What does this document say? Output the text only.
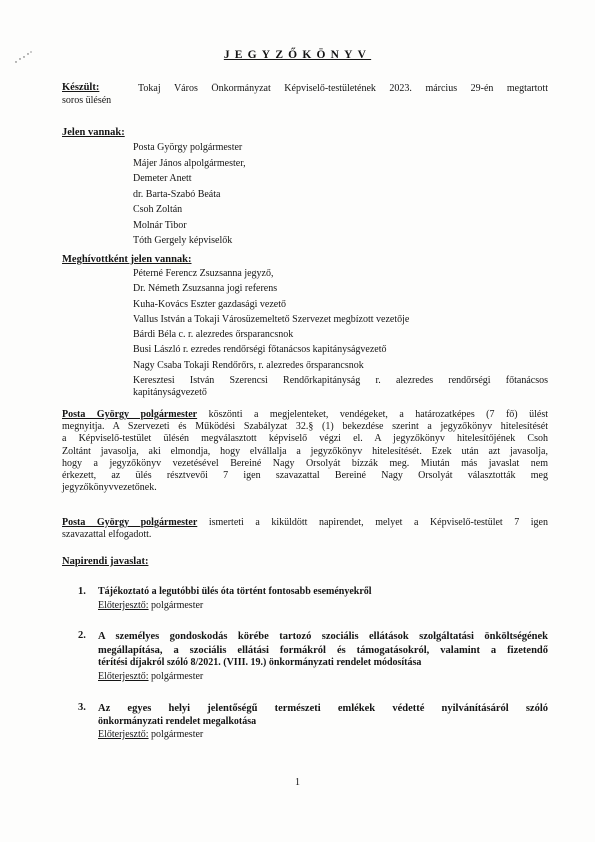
JEGYZŐKÖNYV
Készült:	Tokaj Város Önkormányzat Képviselő-testületének 2023. március 29-én megtartott
soros ülésén
Jelen vannak:
Posta György polgármester
Májer János alpolgármester,
Demeter Anett
dr. Barta-Szabó Beáta
Csoh Zoltán
Molnár Tibor
Tóth Gergely képviselők
Meghívottként jelen vannak:
Péterné Ferencz Zsuzsanna jegyző,
Dr. Németh Zsuzsanna jogi referens
Kuha-Kovács Eszter gazdasági vezető
Vallus István a Tokaji Városüzemeltető Szervezet megbízott vezetője
Bárdi Béla c. r. alezredes őrsparancsnok
Busi László r. ezredes rendőrségi főtanácsos kapitányságvezető
Nagy Csaba Tokaji Rendőrőrs, r. alezredes őrsparancsnok
Keresztesi István Szerencsi Rendőrkapitányság r. alezredes rendőrségi főtanácsos
kapitányságvezető
Posta György polgármester köszönti a megjelenteket, vendégeket, a határozatképes (7 fő) ülést
megnyitja. A Szervezeti és Működési Szabályzat 32.§ (1) bekezdése szerint a jegyzőkönyv hitelesítését
a Képviselő-testület ülésén megválasztott képviselő végzi el. A jegyzőkönyv hitelesítőjének Csoh
Zoltánt javasolja, aki elmondja, hogy elvállalja a jegyzőkönyv hitelesítését. Ezek után azt javasolja,
hogy a jegyzőkönyv vezetésével Bereiné Nagy Orsolyát bízzák meg. Miután más javaslat nem
érkezett, az ülés résztvevői 7 igen szavazattal Bereiné Nagy Orsolyát választották meg
jegyzőkönyvvezetőnek.
Posta György polgármester ismerteti a kiküldött napirendet, melyet a Képviselő-testület 7 igen
szavazattal elfogadott.
Napirendi javaslat:
1. Tájékoztató a legutóbbi ülés óta történt fontosabb eseményekről
Előterjesztő: polgármester
2. A személyes gondoskodás körébe tartozó szociális ellátások szolgáltatási önköltségének
megállapítása, a szociális ellátási formákról és támogatásokról, valamint a fizetendő
térítési díjakról szóló 8/2021. (VIII. 19.) önkormányzati rendelet módosítása
Előterjesztő: polgármester
3. Az egyes helyi jelentőségű természeti emlékek védetté nyilvánításáról szóló
önkormányzati rendelet megalkotása
Előterjesztő: polgármester
1
